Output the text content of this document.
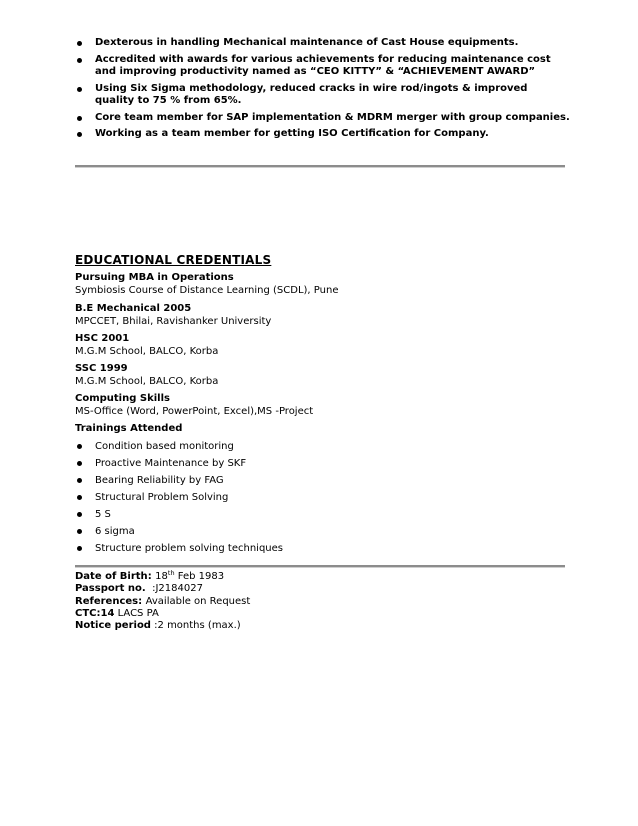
Dexterous in handling Mechanical maintenance of Cast House equipments.
Accredited with awards for various achievements for reducing maintenance cost and improving productivity named as “CEO KITTY” & “ACHIEVEMENT AWARD”
Using Six Sigma methodology, reduced cracks in wire rod/ingots & improved quality to 75 % from 65%.
Core team member for SAP implementation & MDRM merger with group companies.
Working as a team member for getting ISO Certification for Company.
EDUCATIONAL CREDENTIALS
Pursuing MBA in Operations
Symbiosis Course of Distance Learning (SCDL), Pune
B.E Mechanical 2005
MPCCET, Bhilai, Ravishanker University
HSC 2001
M.G.M School, BALCO, Korba
SSC 1999
M.G.M School, BALCO, Korba
Computing Skills
MS-Office (Word, PowerPoint, Excel),MS -Project
Trainings Attended
Condition based monitoring
Proactive Maintenance by SKF
Bearing Reliability by FAG
Structural Problem Solving
5 S
6 sigma
Structure problem solving techniques
Date of Birth: 18th Feb 1983
Passport no. :J2184027
References: Available on Request
CTC:14 LACS PA
Notice period :2 months (max.)
